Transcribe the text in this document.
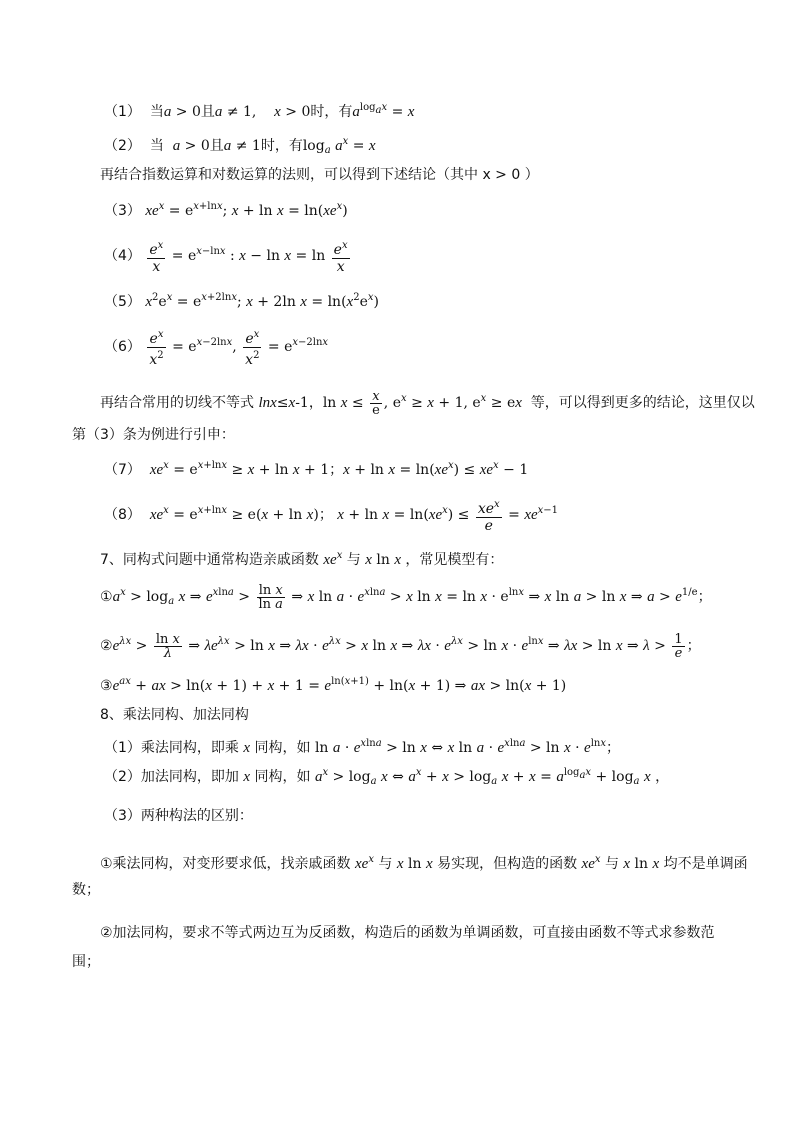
（1）  当a > 0且a ≠ 1,    x > 0时，有$a^{log_ax} = x$
（2）  当  a > 0且a ≠ 1时，有$\log_a a^x = x$
再结合指数运算和对数运算的法则，可以得到下述结论（其中 x > 0 ）
（3） $xe^x = e^{x+lnx}$; $x + \ln x = \ln(xe^x)$
$(4) \frac{e^x}{x} = e^{x-lnx}$ : $x - \ln x = \ln \frac{e^x}{x}$
（5） $x^2e^x = e^{x+2lnx}$; x + 2ln $x = \ln(x^2e^x)$
$(6) \frac{e^x}{x^2} = e^{x-2lnx}$, $\frac{e^x}{x^2} = e^{x-2lnx}$
再结合常用的切线不等式 lnx≤x-1，$\ln x \le \frac{x}{e}$ , $e^x \ge x + 1$, $e^x$ ≥ ex  等，可以得到更多的结论，这里仅以
第（3）条为例进行引申：
（7） $xe^x = e^{x+lnx} \ge x + \ln x + 1$；$x + \ln x = \ln(xe^x) \le xe^x - 1$
（8） $xe^x = e^{x+lnx} \ge e(x + \ln x)$； $x + \ln x = \ln(xe^x) \le \frac{xe^x}{e} = xe^{x-1}$
7、同构式问题中通常构造亲戚函数 $xe^x$ 与 x ln x ，常见模型有：
$①a^x > \log_a x$ ⇒ $e^{xlna} > \frac{\text{ln x}}{\text{ln a}}$ ⇒ x $\ln a \cdot e^{xlna} > x$ $\ln x = \ln x \cdot e^{lnx}$ ⇒ x ln a > ln x ⇒ $a > e^{1/e}$；
$②e^{\lambda x} > \frac{\text{ln x}}{\lambda}$ ⇒ $\lambda e^{\lambda x} > \ln x$ ⇒ $\lambda x \cdot e^{\lambda x} > x$ ln x ⇒ $\lambda x \cdot e^{\lambda x} > \ln x \cdot e^{lnx}$ ⇒ λx > ln x ⇒ $\lambda > \frac{1}{e}$ ；
$③e^{ax}$ + ax > $\ln(x + 1) + x + 1 = e^{ln(x+1)} + \ln(x + 1)$ ⇒ ax > ln(x + 1)
8、乘法同构、加法同构
（1）乘法同构，即乘 x 同构，如 $\ln a \cdot e^{xlna} > \ln x$ ⇔ x $\ln a \cdot e^{xlna} > \ln x \cdot e^{lnx}$；
（2）加法同构，即加 x 同构，如 $a^x > \log_a x$ ⇔ $a^x + x > \log_a x + x = a^{log_ax} + \log_a x$ ，
（3）两种构法的区别：
①乘法同构，对变形要求低，找亲戚函数 $xe^x$ 与 x ln x 易实现，但构造的函数 $xe^x$ 与 x ln x 均不是单调函
数；
②加法同构，要求不等式两边互为反函数，构造后的函数为单调函数，可直接由函数不等式求参数范
围；
